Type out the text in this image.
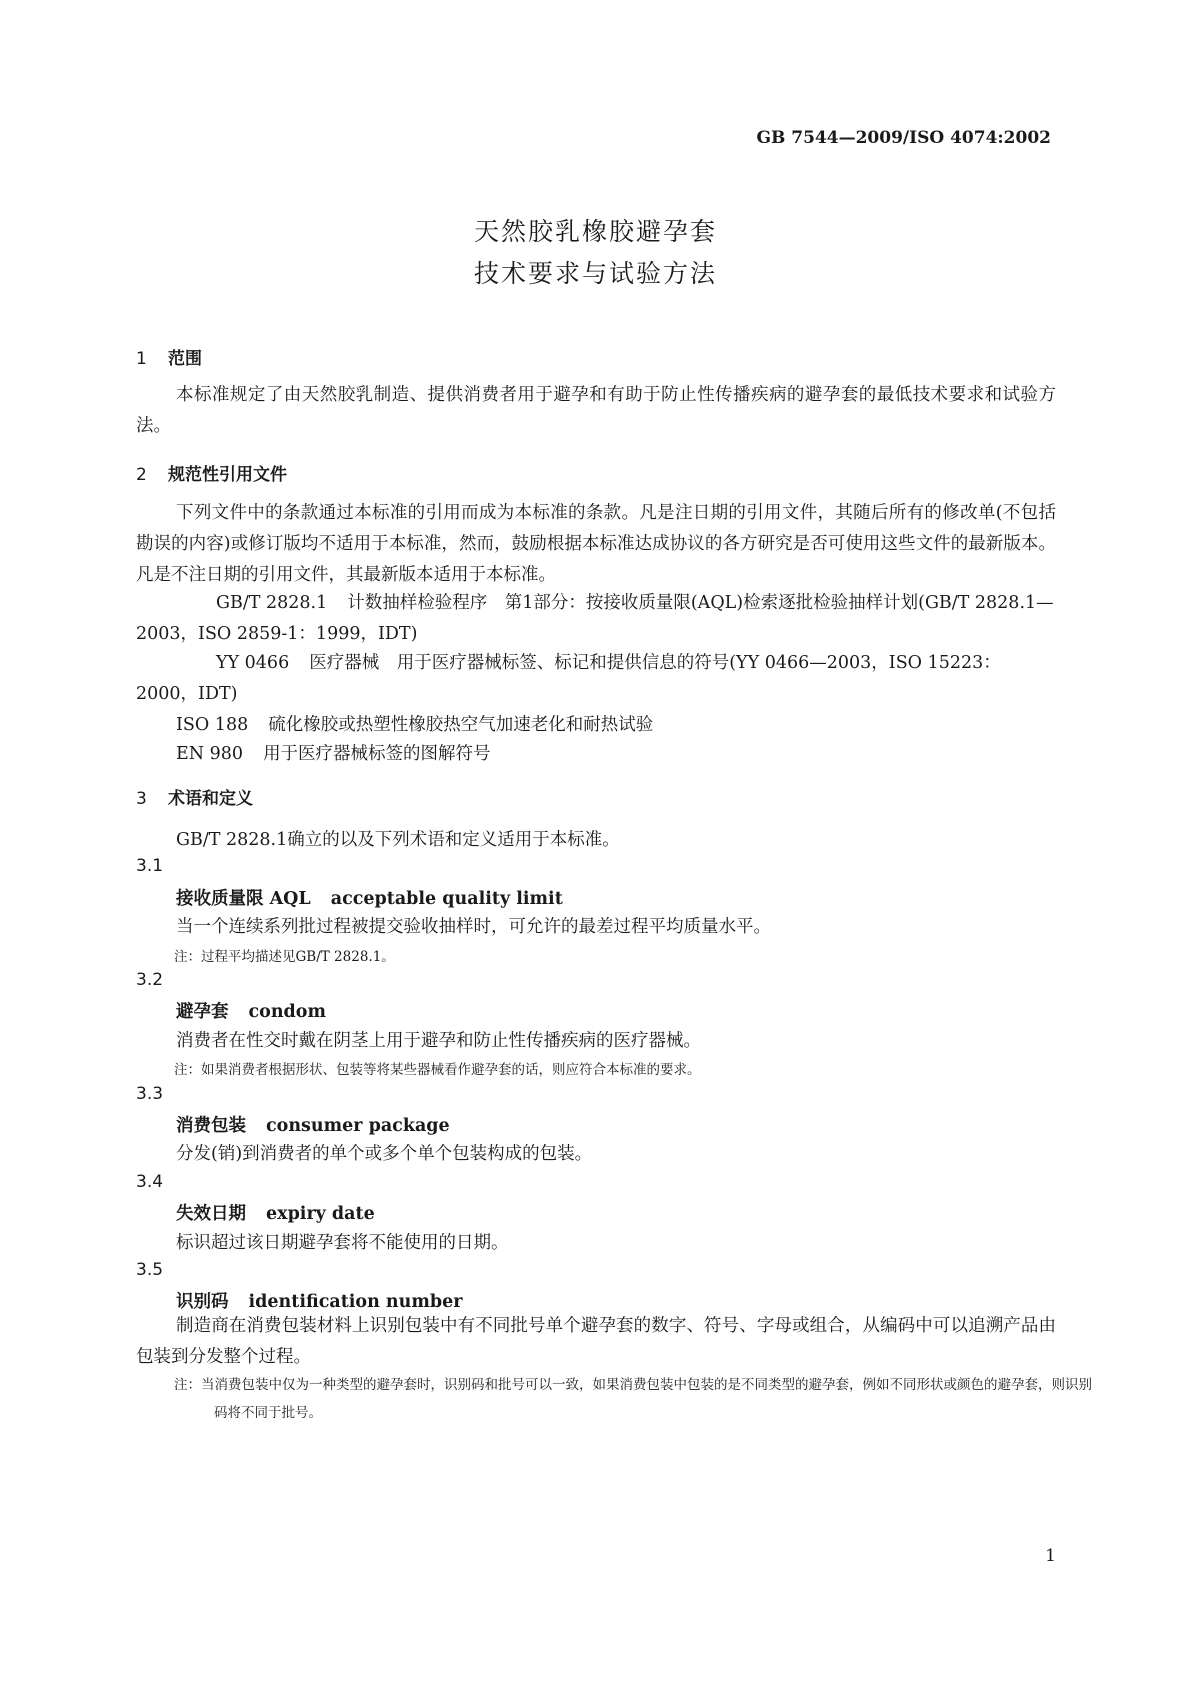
GB 7544—2009/ISO 4074:2002
天然胶乳橡胶避孕套
技术要求与试验方法
1 范围
本标准规定了由天然胶乳制造、提供消费者用于避孕和有助于防止性传播疾病的避孕套的最低技术要求和试验方法。
2 规范性引用文件
下列文件中的条款通过本标准的引用而成为本标准的条款。凡是注日期的引用文件，其随后所有的修改单(不包括勘误的内容)或修订版均不适用于本标准，然而，鼓励根据本标准达成协议的各方研究是否可使用这些文件的最新版本。凡是不注日期的引用文件，其最新版本适用于本标准。
GB/T 2828.1 计数抽样检验程序　第1部分：按接收质量限(AQL)检索逐批检验抽样计划(GB/T 2828.1—2003，ISO 2859-1：1999，IDT)
YY 0466 医疗器械　用于医疗器械标签、标记和提供信息的符号(YY 0466—2003，ISO 15223：2000，IDT)
ISO 188 硫化橡胶或热塑性橡胶热空气加速老化和耐热试验
EN 980 用于医疗器械标签的图解符号
3 术语和定义
GB/T 2828.1确立的以及下列术语和定义适用于本标准。
3.1
接收质量限 AQL acceptable quality limit
当一个连续系列批过程被提交验收抽样时，可允许的最差过程平均质量水平。
注：过程平均描述见GB/T 2828.1。
3.2
避孕套 condom
消费者在性交时戴在阴茎上用于避孕和防止性传播疾病的医疗器械。
注：如果消费者根据形状、包装等将某些器械看作避孕套的话，则应符合本标准的要求。
3.3
消费包装 consumer package
分发(销)到消费者的单个或多个单个包装构成的包装。
3.4
失效日期 expiry date
标识超过该日期避孕套将不能使用的日期。
3.5
识别码 identification number
制造商在消费包装材料上识别包装中有不同批号单个避孕套的数字、符号、字母或组合，从编码中可以追溯产品由包装到分发整个过程。
注：当消费包装中仅为一种类型的避孕套时，识别码和批号可以一致，如果消费包装中包装的是不同类型的避孕套，例如不同形状或颜色的避孕套，则识别码将不同于批号。
1
